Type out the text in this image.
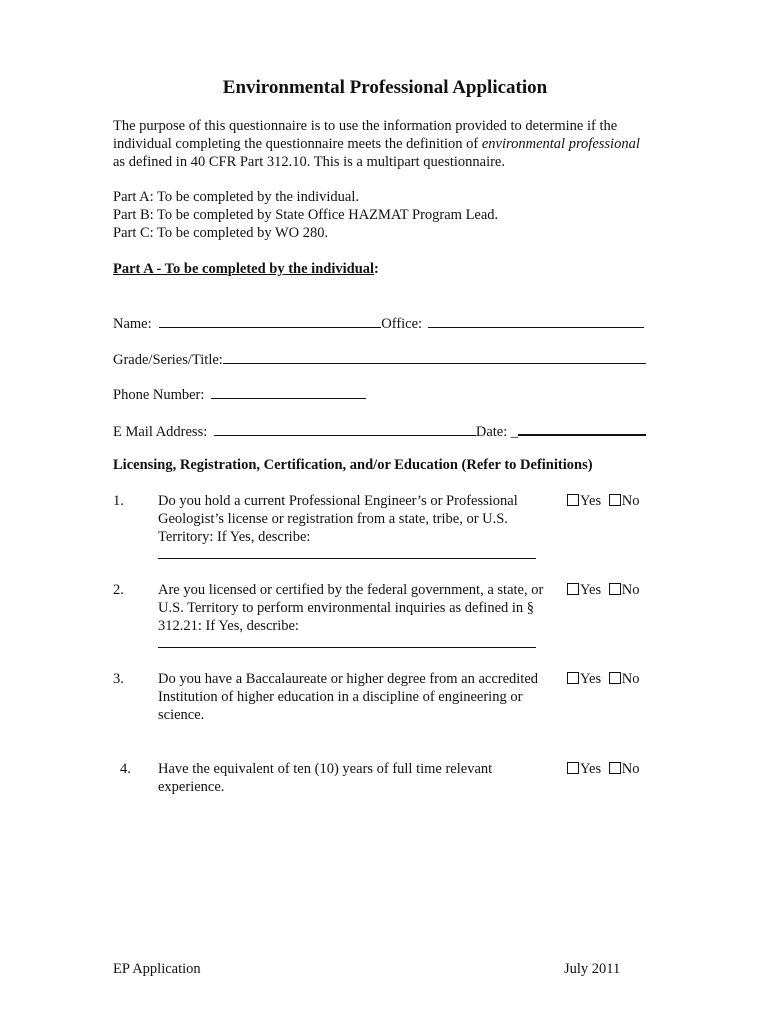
Environmental Professional Application

The purpose of this questionnaire is to use the information provided to determine if the individual completing the questionnaire meets the definition of environmental professional as defined in 40 CFR Part 312.10. This is a multipart questionnaire.

Part A: To be completed by the individual.
Part B: To be completed by State Office HAZMAT Program Lead.
Part C: To be completed by WO 280.
Part A - To be completed by the individual:
Name:	Office:
Grade/Series/Title:
Phone Number:
E Mail Address:	Date: _
Licensing, Registration, Certification, and/or Education (Refer to Definitions)
1. Do you hold a current Professional Engineer’s or Professional Geologist’s license or registration from a state, tribe, or U.S. Territory: If Yes, describe:
Yes No
2. Are you licensed or certified by the federal government, a state, or U.S. Territory to perform environmental inquiries as defined in § 312.21: If Yes, describe:
Yes No
3. Do you have a Baccalaureate or higher degree from an accredited Institution of higher education in a discipline of engineering or science.
Yes No
4. Have the equivalent of ten (10) years of full time relevant experience.
Yes No
EP Application	July 2011
